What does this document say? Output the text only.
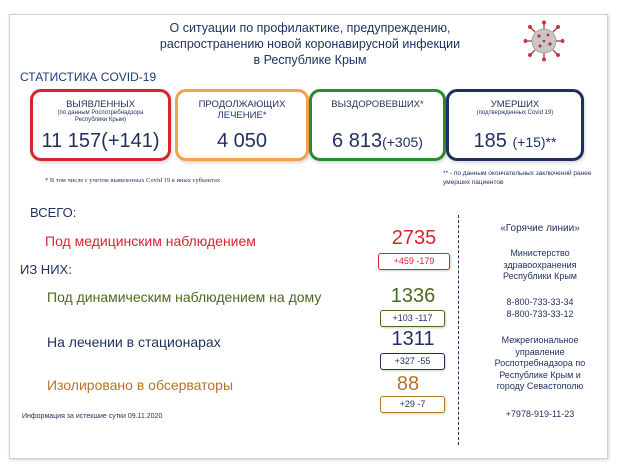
О ситуации по профилактике, предупреждению,
распространению новой коронавирусной инфекции
в Республике Крым
СТАТИСТИКА COVID-19
ВЫЯВЛЕННЫХ
(по данным Роспотребнадзора
Республики Крым)
11 157(+141)
ПРОДОЛЖАЮЩИХ
ЛЕЧЕНИЕ*
4 050
ВЫЗДОРОВЕВШИХ*
6 813(+305)
УМЕРШИХ
(подтвержденных Covid 19)
185 (+15)**
* В том числе с учетом выявленных Covid 19 в иных субъектах
** - по данным окончательных заключений ранее умерших пациентов
ВСЕГО:
Под медицинским наблюдением	2735
+459 -179
ИЗ НИХ:
Под динамическим наблюдением на дому	1336
+103 -117
На лечении в стационарах	1311
+327 -55
Изолировано в обсерваторы	88
+29 -7
«Горячие линии»
Министерство
здравоохранения
Республики Крым
8-800-733-33-34
8-800-733-33-12
Межрегиональное
управление
Роспотребнадзора по
Республике Крым и
городу Севастополю
+7978-919-11-23
Информация за истекшие сутки 09.11.2020
